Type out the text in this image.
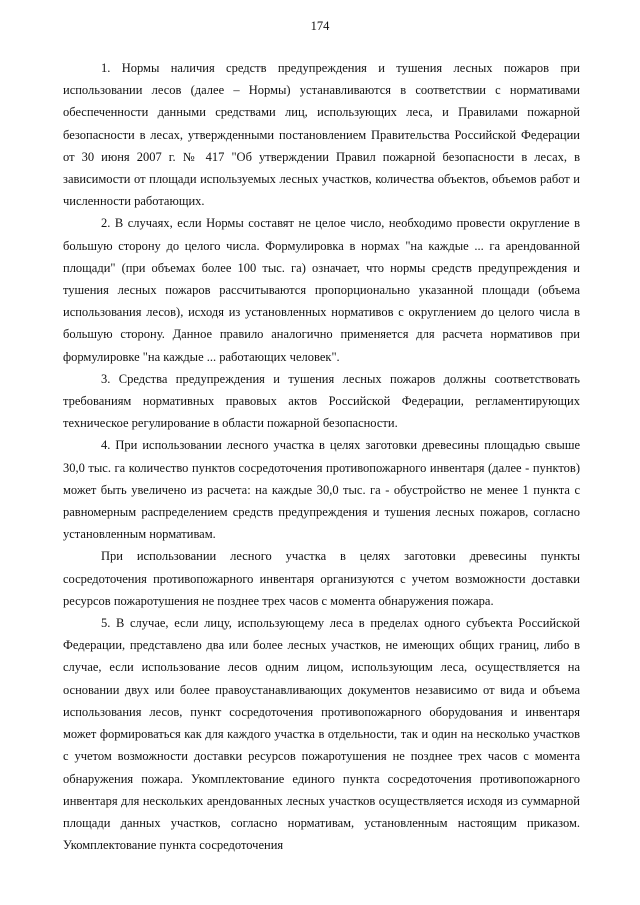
174

1. Нормы наличия средств предупреждения и тушения лесных пожаров при использовании лесов (далее – Нормы) устанавливаются в соответствии с нормативами обеспеченности данными средствами лиц, использующих леса, и Правилами пожарной безопасности в лесах, утвержденными постановлением Правительства Российской Федерации от 30 июня 2007 г. № 417 "Об утверждении Правил пожарной безопасности в лесах, в зависимости от площади используемых лесных участков, количества объектов, объемов работ и численности работающих.

2. В случаях, если Нормы составят не целое число, необходимо провести округление в большую сторону до целого числа. Формулировка в нормах "на каждые ... га арендованной площади" (при объемах более 100 тыс. га) означает, что нормы средств предупреждения и тушения лесных пожаров рассчитываются пропорционально указанной площади (объема использования лесов), исходя из установленных нормативов с округлением до целого числа в большую сторону. Данное правило аналогично применяется для расчета нормативов при формулировке "на каждые ... работающих человек".

3. Средства предупреждения и тушения лесных пожаров должны соответствовать требованиям нормативных правовых актов Российской Федерации, регламентирующих техническое регулирование в области пожарной безопасности.

4. При использовании лесного участка в целях заготовки древесины площадью свыше 30,0 тыс. га количество пунктов сосредоточения противопожарного инвентаря (далее - пунктов) может быть увеличено из расчета: на каждые 30,0 тыс. га - обустройство не менее 1 пункта с равномерным распределением средств предупреждения и тушения лесных пожаров, согласно установленным нормативам.

При использовании лесного участка в целях заготовки древесины пункты сосредоточения противопожарного инвентаря организуются с учетом возможности доставки ресурсов пожаротушения не позднее трех часов с момента обнаружения пожара.

5. В случае, если лицу, использующему леса в пределах одного субъекта Российской Федерации, представлено два или более лесных участков, не имеющих общих границ, либо в случае, если использование лесов одним лицом, использующим леса, осуществляется на основании двух или более правоустанавливающих документов независимо от вида и объема использования лесов, пункт сосредоточения противопожарного оборудования и инвентаря может формироваться как для каждого участка в отдельности, так и один на несколько участков с учетом возможности доставки ресурсов пожаротушения не позднее трех часов с момента обнаружения пожара. Укомплектование единого пункта сосредоточения противопожарного инвентаря для нескольких арендованных лесных участков осуществляется исходя из суммарной площади данных участков, согласно нормативам, установленным настоящим приказом. Укомплектование пункта сосредоточения
